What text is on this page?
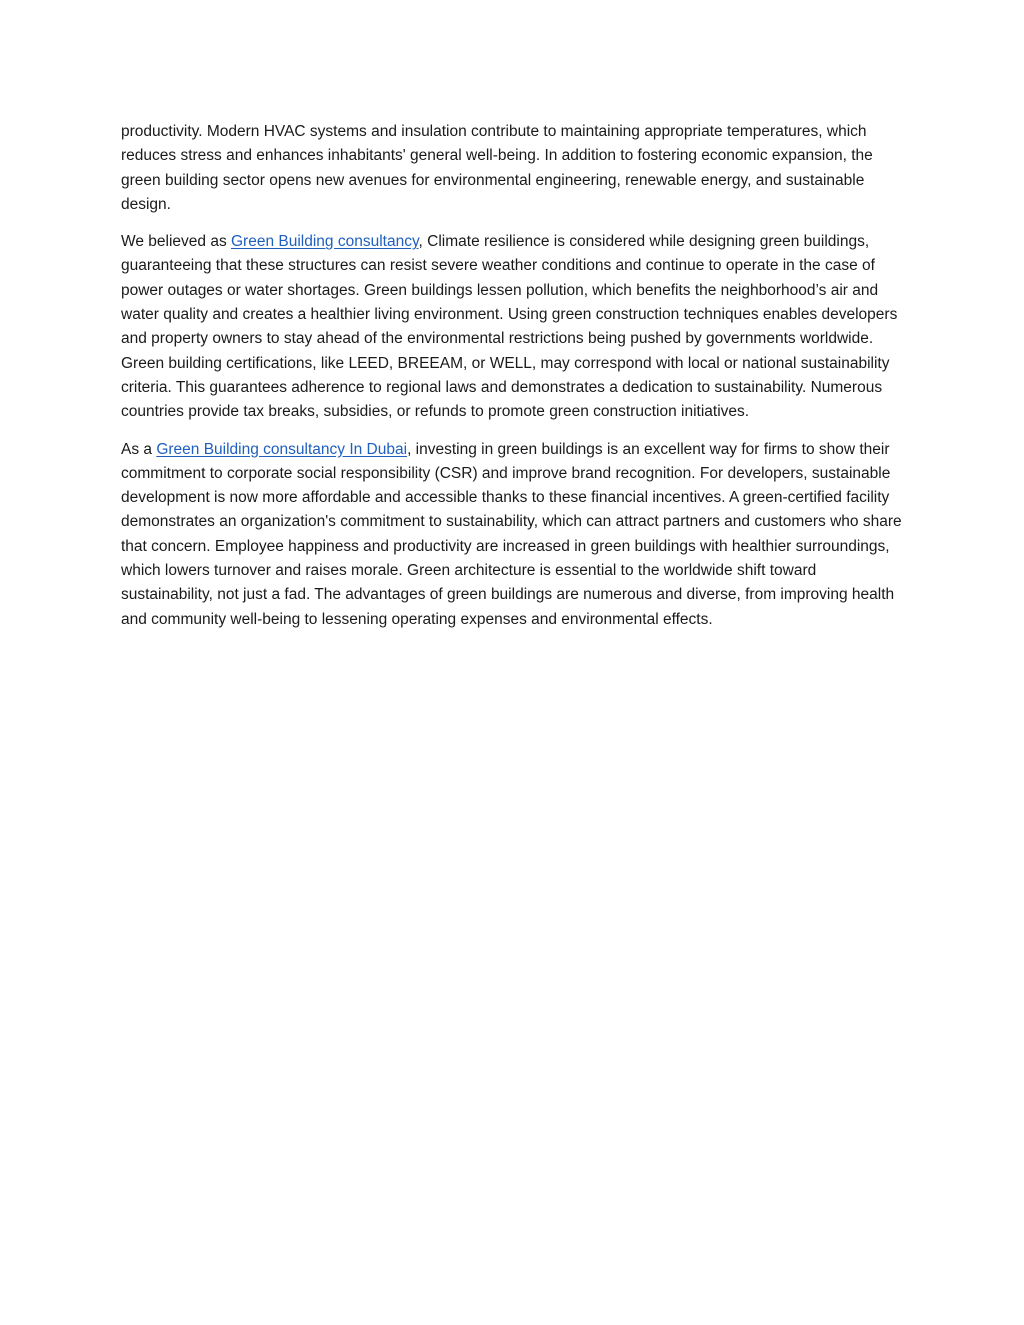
productivity. Modern HVAC systems and insulation contribute to maintaining appropriate temperatures, which reduces stress and enhances inhabitants' general well-being. In addition to fostering economic expansion, the green building sector opens new avenues for environmental engineering, renewable energy, and sustainable design.

We believed as Green Building consultancy, Climate resilience is considered while designing green buildings, guaranteeing that these structures can resist severe weather conditions and continue to operate in the case of power outages or water shortages. Green buildings lessen pollution, which benefits the neighborhood’s air and water quality and creates a healthier living environment. Using green construction techniques enables developers and property owners to stay ahead of the environmental restrictions being pushed by governments worldwide. Green building certifications, like LEED, BREEAM, or WELL, may correspond with local or national sustainability criteria. This guarantees adherence to regional laws and demonstrates a dedication to sustainability. Numerous countries provide tax breaks, subsidies, or refunds to promote green construction initiatives.

As a Green Building consultancy In Dubai, investing in green buildings is an excellent way for firms to show their commitment to corporate social responsibility (CSR) and improve brand recognition. For developers, sustainable development is now more affordable and accessible thanks to these financial incentives. A green-certified facility demonstrates an organization's commitment to sustainability, which can attract partners and customers who share that concern. Employee happiness and productivity are increased in green buildings with healthier surroundings, which lowers turnover and raises morale. Green architecture is essential to the worldwide shift toward sustainability, not just a fad. The advantages of green buildings are numerous and diverse, from improving health and community well-being to lessening operating expenses and environmental effects.
